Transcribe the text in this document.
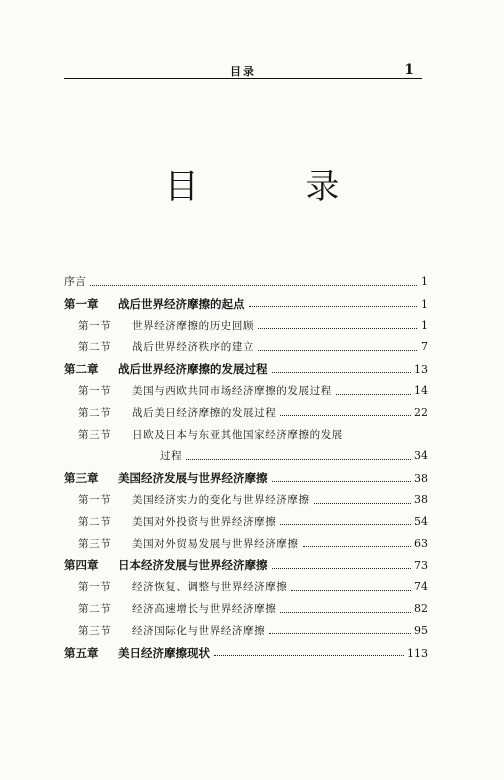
目录	1
目 录
序言	1
第一章	战后世界经济摩擦的起点	1
第一节	世界经济摩擦的历史回顾	1
第二节	战后世界经济秩序的建立	7
第二章	战后世界经济摩擦的发展过程	13
第一节	美国与西欧共同市场经济摩擦的发展过程	14
第二节	战后美日经济摩擦的发展过程	22
第三节	日欧及日本与东亚其他国家经济摩擦的发展
过程	34
第三章	美国经济发展与世界经济摩擦	38
第一节	美国经济实力的变化与世界经济摩擦	38
第二节	美国对外投资与世界经济摩擦	54
第三节	美国对外贸易发展与世界经济摩擦	63
第四章	日本经济发展与世界经济摩擦	73
第一节	经济恢复、调整与世界经济摩擦	74
第二节	经济高速增长与世界经济摩擦	82
第三节	经济国际化与世界经济摩擦	95
第五章	美日经济摩擦现状	113
